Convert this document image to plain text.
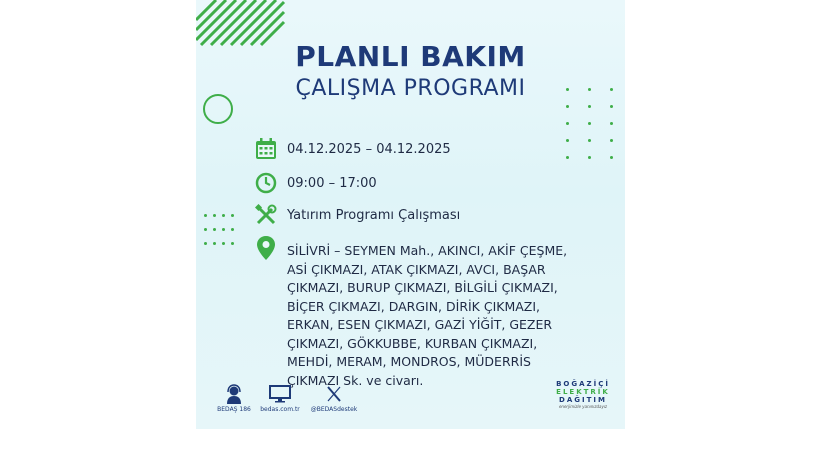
PLANLI BAKIM
ÇALIŞMA PROGRAMI
04.12.2025 – 04.12.2025
09:00 – 17:00
Yatırım Programı Çalışması
SİLİVRİ – SEYMEN Mah., AKINCI, AKİF ÇEŞME,
ASİ ÇIKMAZI, ATAK ÇIKMAZI, AVCI, BAŞAR
ÇIKMAZI, BURUP ÇIKMAZI, BİLGİLİ ÇIKMAZI,
BİÇER ÇIKMAZI, DARGIN, DİRİK ÇIKMAZI,
ERKAN, ESEN ÇIKMAZI, GAZİ YİĞİT, GEZER
ÇIKMAZI, GÖKKUBBE, KURBAN ÇIKMAZI,
MEHDİ, MERAM, MONDROS, MÜDERRİS
ÇIKMAZI Sk. ve civarı.
BEDAŞ 186	bedas.com.tr	@BEDASdestek
BOĞAZİÇİ
ELEKTRİK
DAĞITIM
enerjimizle yanınızdayız
